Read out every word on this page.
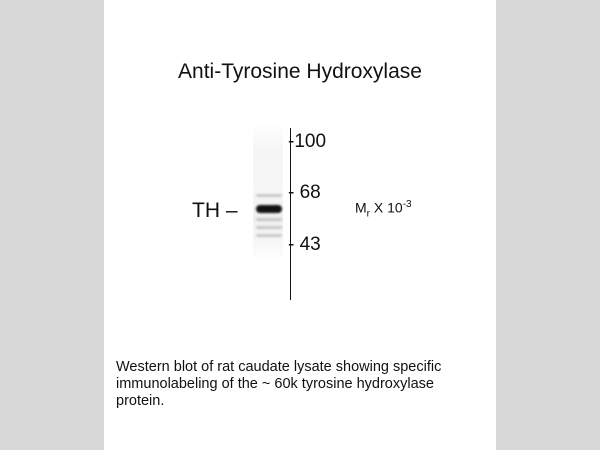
Anti-Tyrosine Hydroxylase
TH –
-100
- 68
- 43
$M_r$ X $10^{-3}$
Western blot of rat caudate lysate showing specific
immunolabeling of the ~ 60k tyrosine hydroxylase
protein.
